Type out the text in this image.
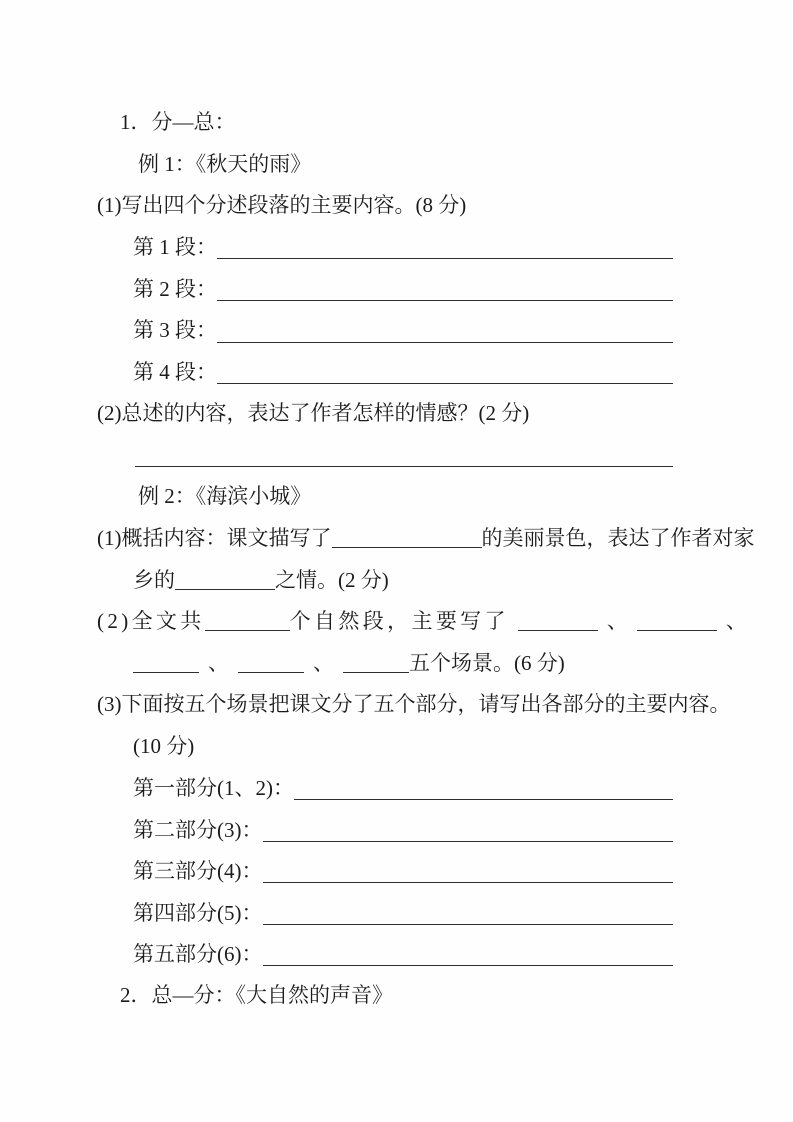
1．分—总：
例 1：《秋天的雨》
(1)写出四个分述段落的主要内容。(8 分)
第 1 段：
第 2 段：
第 3 段：
第 4 段：
(2)总述的内容，表达了作者怎样的情感？(2 分)
例 2：《海滨小城》
(1)概括内容：课文描写了	的美丽景色，表达了作者对家
乡的	之情。(2 分)
(2)全文共	个自然段，主要写了	、	、
、	、	五个场景。(6 分)
(3)下面按五个场景把课文分了五个部分，请写出各部分的主要内容。
(10 分)
第一部分(1、2)：
第二部分(3)：
第三部分(4)：
第四部分(5)：
第五部分(6)：
2．总—分：《大自然的声音》
